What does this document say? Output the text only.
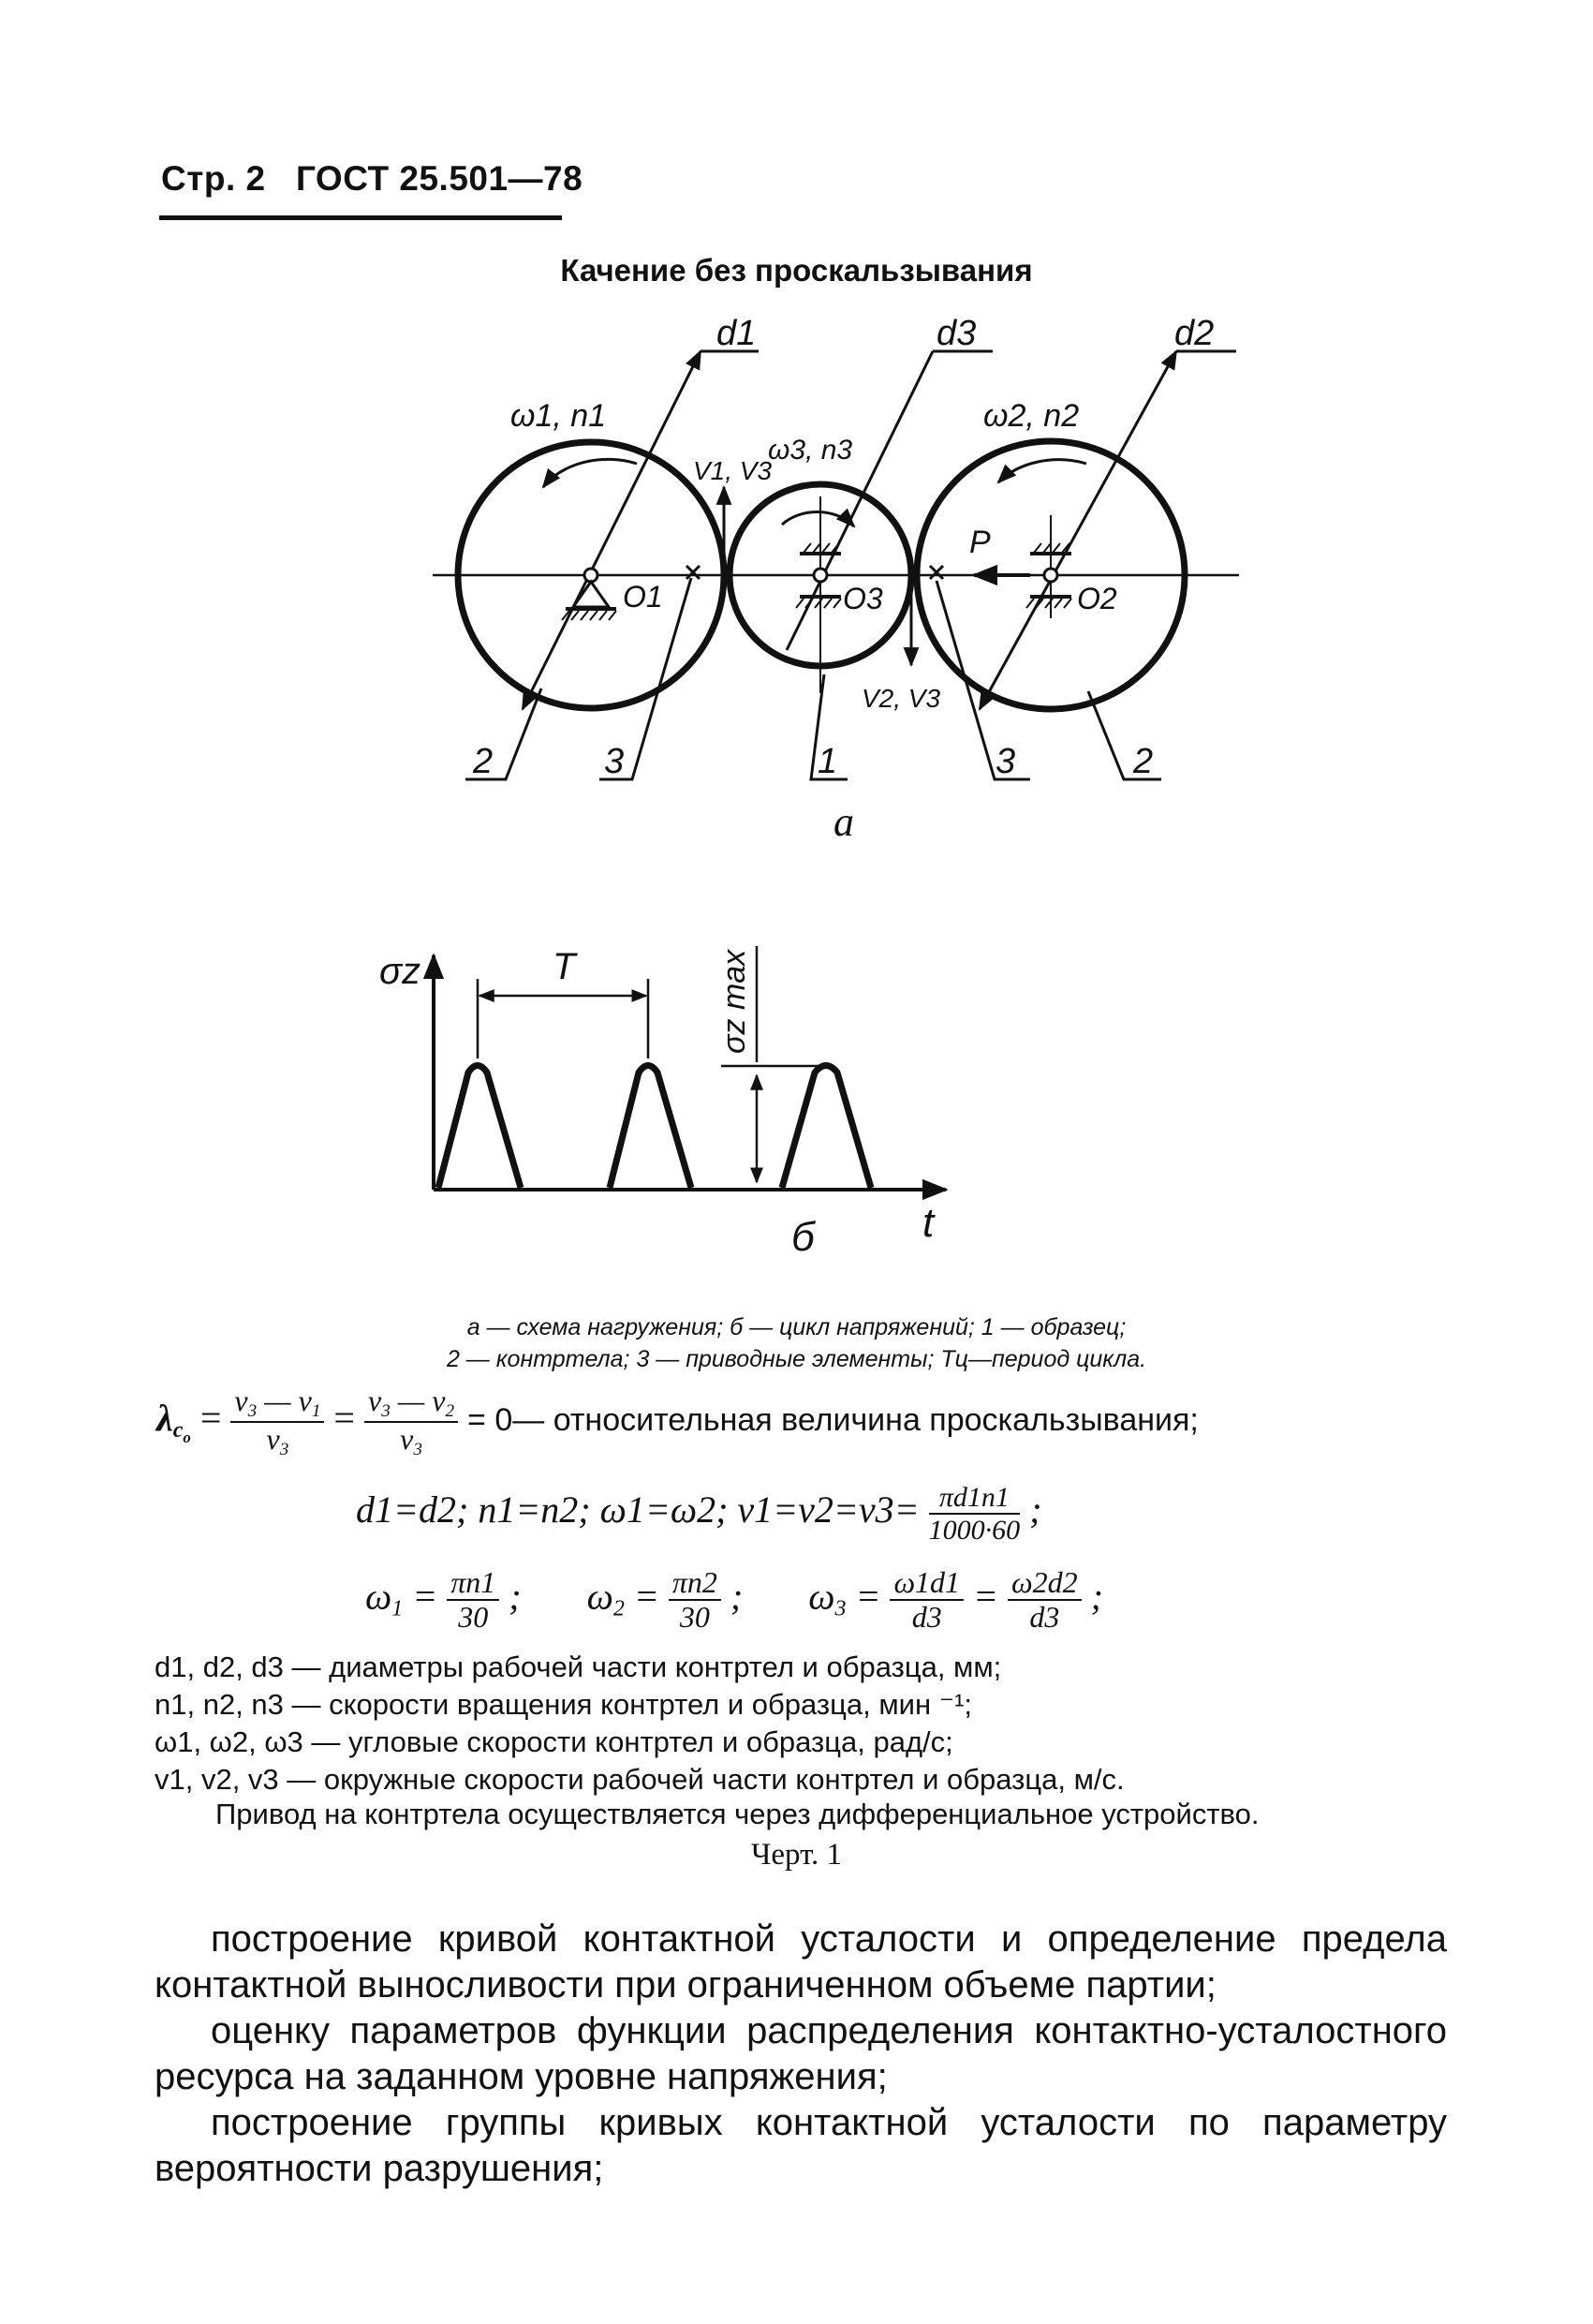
Стр. 2 ГОСТ 25.501—78
Качение без проскальзывания
d1	d3	d2
ω1, n1	ω2, n2
ω3, n3
V1, V3
V2, V3
O1	O3	O2
P
2	3	1	3	2
σz
t
T	σz max
б
а
а — схема нагружения; б — цикл напряжений; 1 — образец;
2 — контртела; 3 — приводные элементы; Tц—период цикла.
$\lambda_{c_o} = \frac{v_3 — v_1}{v_3} = \frac{v_3 — v_2}{v_3}$ = 0— относительная величина проскальзывания;
d1=d2; n1=n2; ω1=ω2; $v1=v2=v3= \frac{\pi d1n1}{1000\cdot 60}$ ;
$\omega_1 = \frac{\pi n1}{30}$ ;       $\omega_2 = \frac{\pi n2}{30}$ ;       $\omega_3 = \frac{\omega 1d1}{d3} = \frac{\omega 2d2}{d3}$ ;
d1, d2, d3 — диаметры рабочей части контртел и образца, мм;
n1, n2, n3 — скорости вращения контртел и образца, мин ⁻¹;
ω1, ω2, ω3 — угловые скорости контртел и образца, рад/с;
v1, v2, v3 — окружные скорости рабочей части контртел и образца, м/с.
Привод на контртела осуществляется через дифференциальное устройство.
Черт. 1

построение кривой контактной усталости и определение предела контактной выносливости при ограниченном объеме партии;

оценку параметров функции распределения контактно-усталостного ресурса на заданном уровне напряжения;

построение группы кривых контактной усталости по параметру вероятности разрушения;
